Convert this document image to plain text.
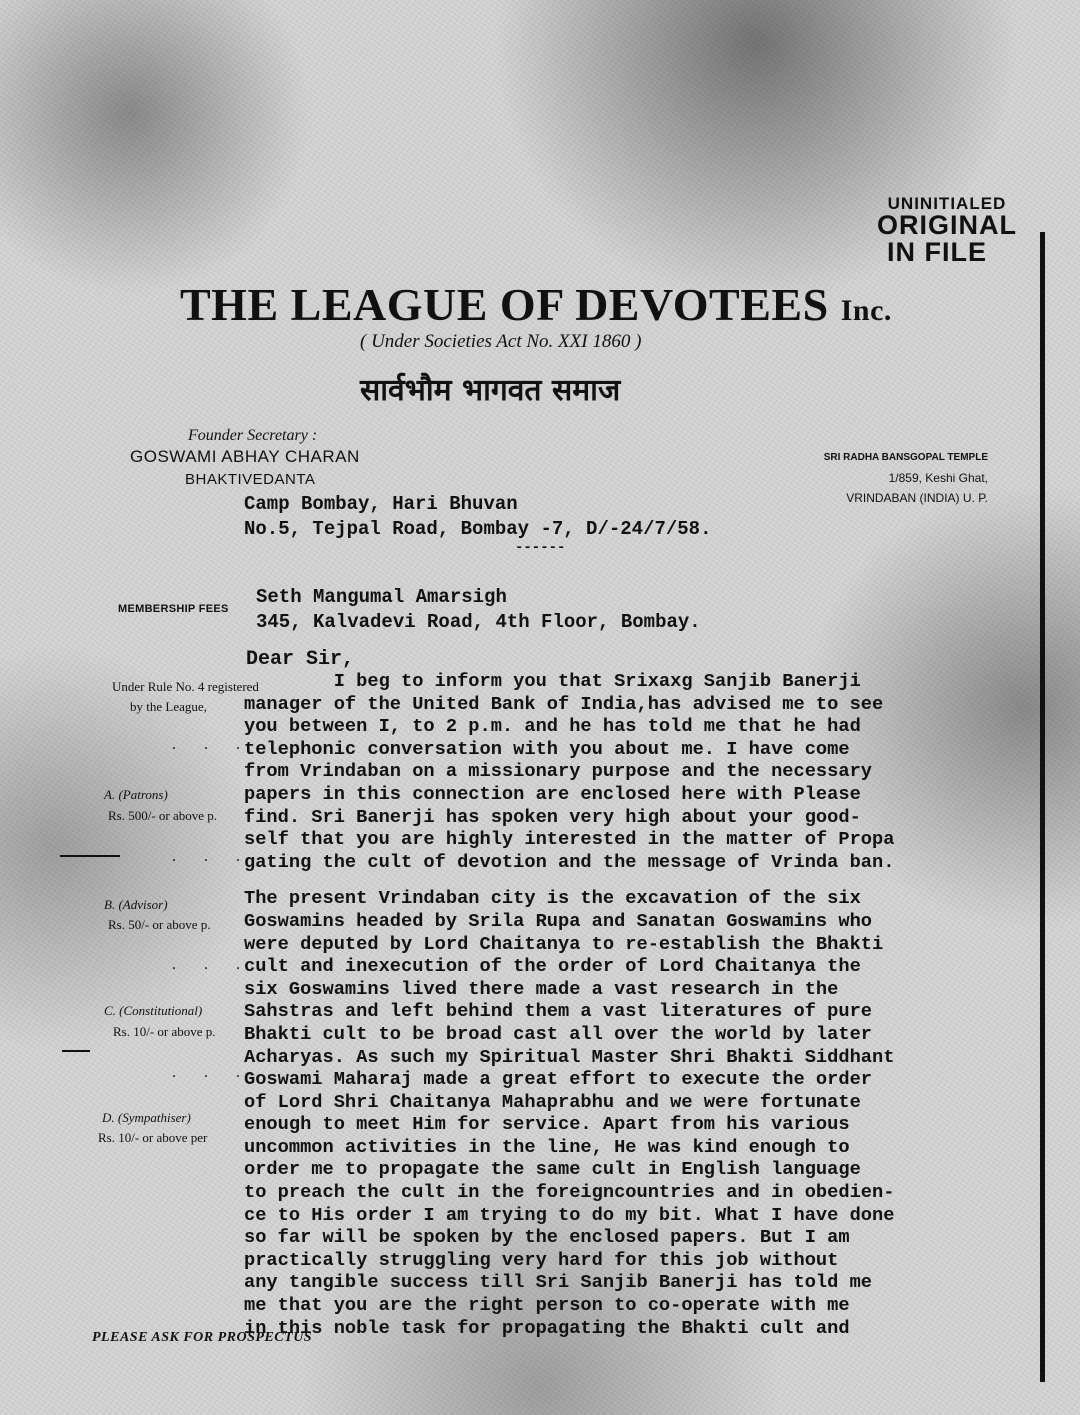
UNINITIALED
ORIGINAL
IN FILE
THE LEAGUE OF DEVOTEES Inc.
( Under Societies Act No. XXI 1860 )
सार्वभौम भागवत समाज
Founder Secretary :
GOSWAMI ABHAY CHARAN
BHAKTIVEDANTA
SRI RADHA BANSGOPAL TEMPLE
1/859, Keshi Ghat,
VRINDABAN (INDIA) U. P.
Camp Bombay, Hari Bhuvan
No.5, Tejpal Road, Bombay -7, D/-24/7/58.
------
Seth Mangumal Amarsigh
345, Kalvadevi Road, 4th Floor, Bombay.
MEMBERSHIP FEES
Dear Sir,
Under Rule No. 4 registered
by the League,
. . .
A. (Patrons)
Rs. 500/- or above p.
. . .
B. (Advisor)
Rs. 50/- or above p.
. . .
C. (Constitutional)
Rs. 10/- or above p.
. . .
D. (Sympathiser)
Rs. 10/- or above per
I beg to inform you that Srixaxg Sanjib Banerji
manager of the United Bank of India,has advised me to see
you between I, to 2 p.m. and he has told me that he had
telephonic conversation with you about me. I have come
from Vrindaban on a missionary purpose and the necessary
papers in this connection are enclosed here with Please
find. Sri Banerji has spoken very high about your good-
self that you are highly interested in the matter of Propa
gating the cult of devotion and the message of Vrinda ban.
The present Vrindaban city is the excavation of the six
Goswamins headed by Srila Rupa and Sanatan Goswamins who
were deputed by Lord Chaitanya to re-establish the Bhakti
cult and inexecution of the order of Lord Chaitanya the
six Goswamins lived there made a vast research in the
Sahstras and left behind them a vast literatures of pure
Bhakti cult to be broad cast all over the world by later
Acharyas. As such my Spiritual Master Shri Bhakti Siddhant
Goswami Maharaj made a great effort to execute the order
of Lord Shri Chaitanya Mahaprabhu and we were fortunate
enough to meet Him for service. Apart from his various
uncommon activities in the line, He was kind enough to
order me to propagate the same cult in English language
to preach the cult in the foreigncountries and in obedien-
ce to His order I am trying to do my bit. What I have done
so far will be spoken by the enclosed papers. But I am
practically struggling very hard for this job without
any tangible success till Sri Sanjib Banerji has told me
me that you are the right person to co-operate with me
in this noble task for propagating the Bhakti cult and
PLEASE ASK FOR PROSPECTUS
